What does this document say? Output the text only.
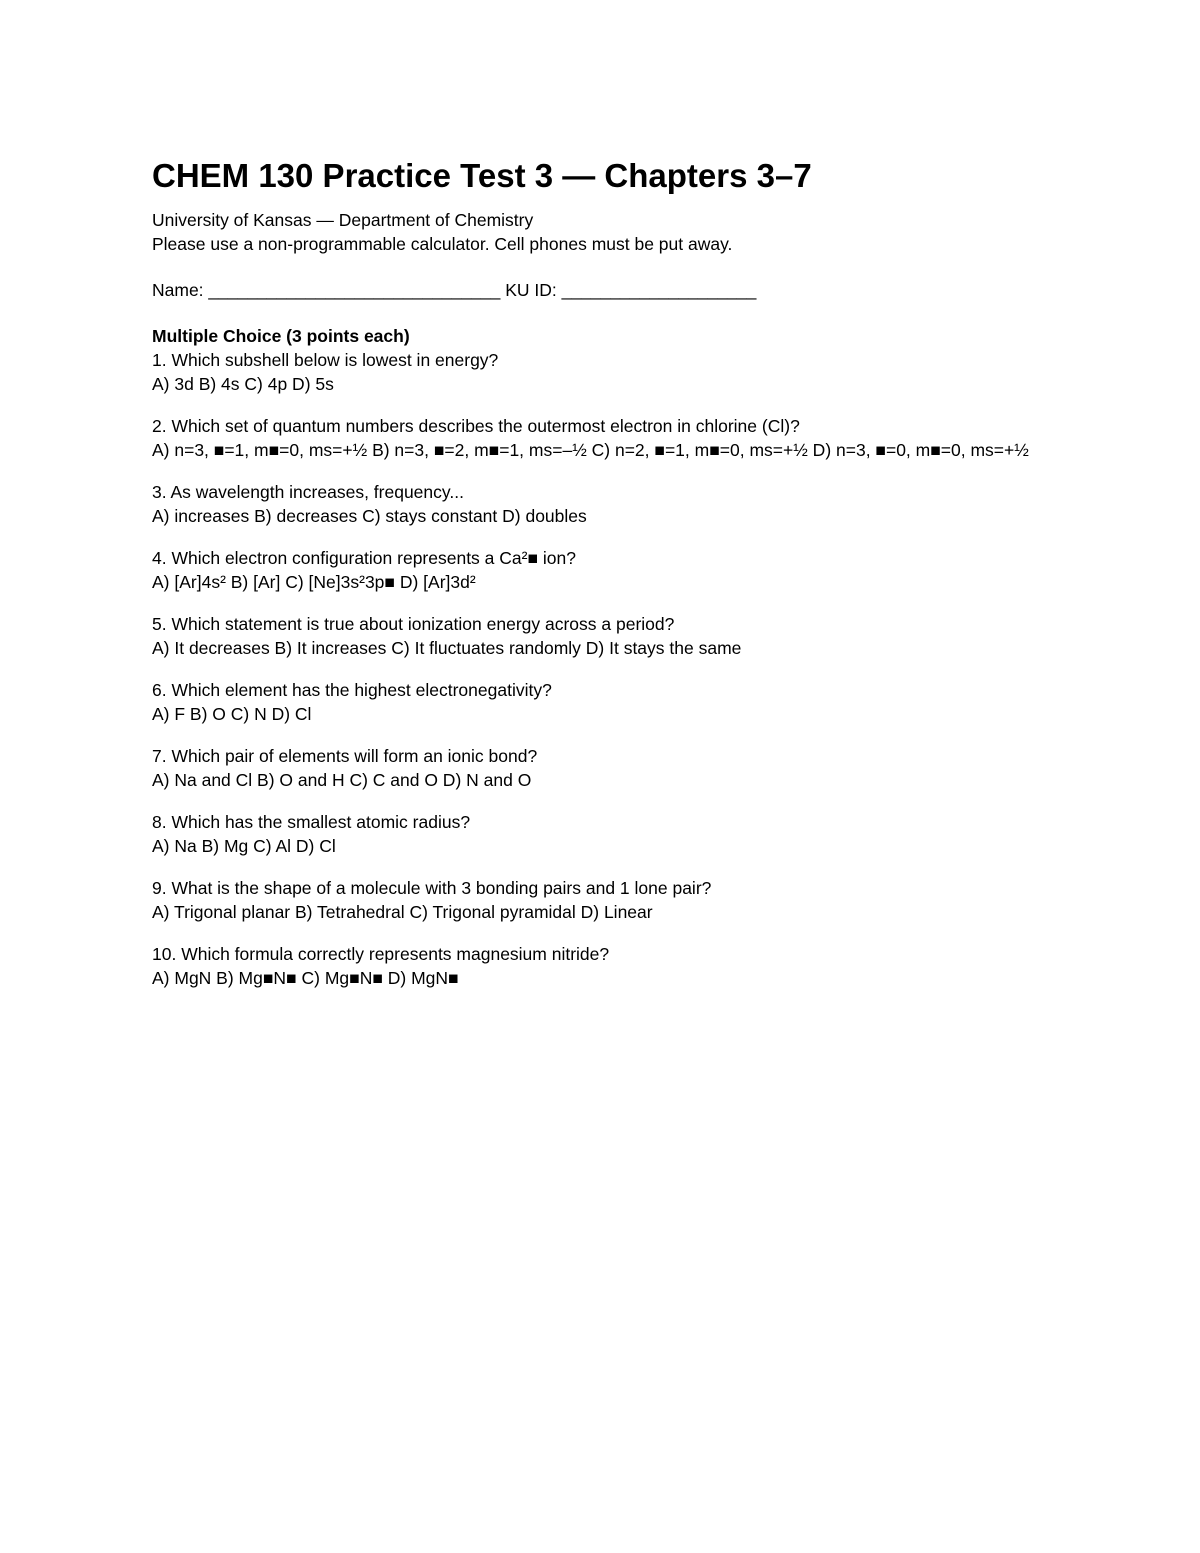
CHEM 130 Practice Test 3 — Chapters 3–7

University of Kansas — Department of Chemistry

Please use a non-programmable calculator. Cell phones must be put away.

Name: ______________________________ KU ID: ____________________
Multiple Choice (3 points each)
1. Which subshell below is lowest in energy?
A) 3d B) 4s C) 4p D) 5s
2. Which set of quantum numbers describes the outermost electron in chlorine (Cl)?
A) n=3, ■=1, m■=0, ms=+½ B) n=3, ■=2, m■=1, ms=–½ C) n=2, ■=1, m■=0, ms=+½ D) n=3, ■=0, m■=0, ms=+½
3. As wavelength increases, frequency...
A) increases B) decreases C) stays constant D) doubles
4. Which electron configuration represents a Ca²■ ion?
A) [Ar]4s² B) [Ar] C) [Ne]3s²3p■ D) [Ar]3d²
5. Which statement is true about ionization energy across a period?
A) It decreases B) It increases C) It fluctuates randomly D) It stays the same
6. Which element has the highest electronegativity?
A) F B) O C) N D) Cl
7. Which pair of elements will form an ionic bond?
A) Na and Cl B) O and H C) C and O D) N and O
8. Which has the smallest atomic radius?
A) Na B) Mg C) Al D) Cl
9. What is the shape of a molecule with 3 bonding pairs and 1 lone pair?
A) Trigonal planar B) Tetrahedral C) Trigonal pyramidal D) Linear
10. Which formula correctly represents magnesium nitride?
A) MgN B) Mg■N■ C) Mg■N■ D) MgN■
